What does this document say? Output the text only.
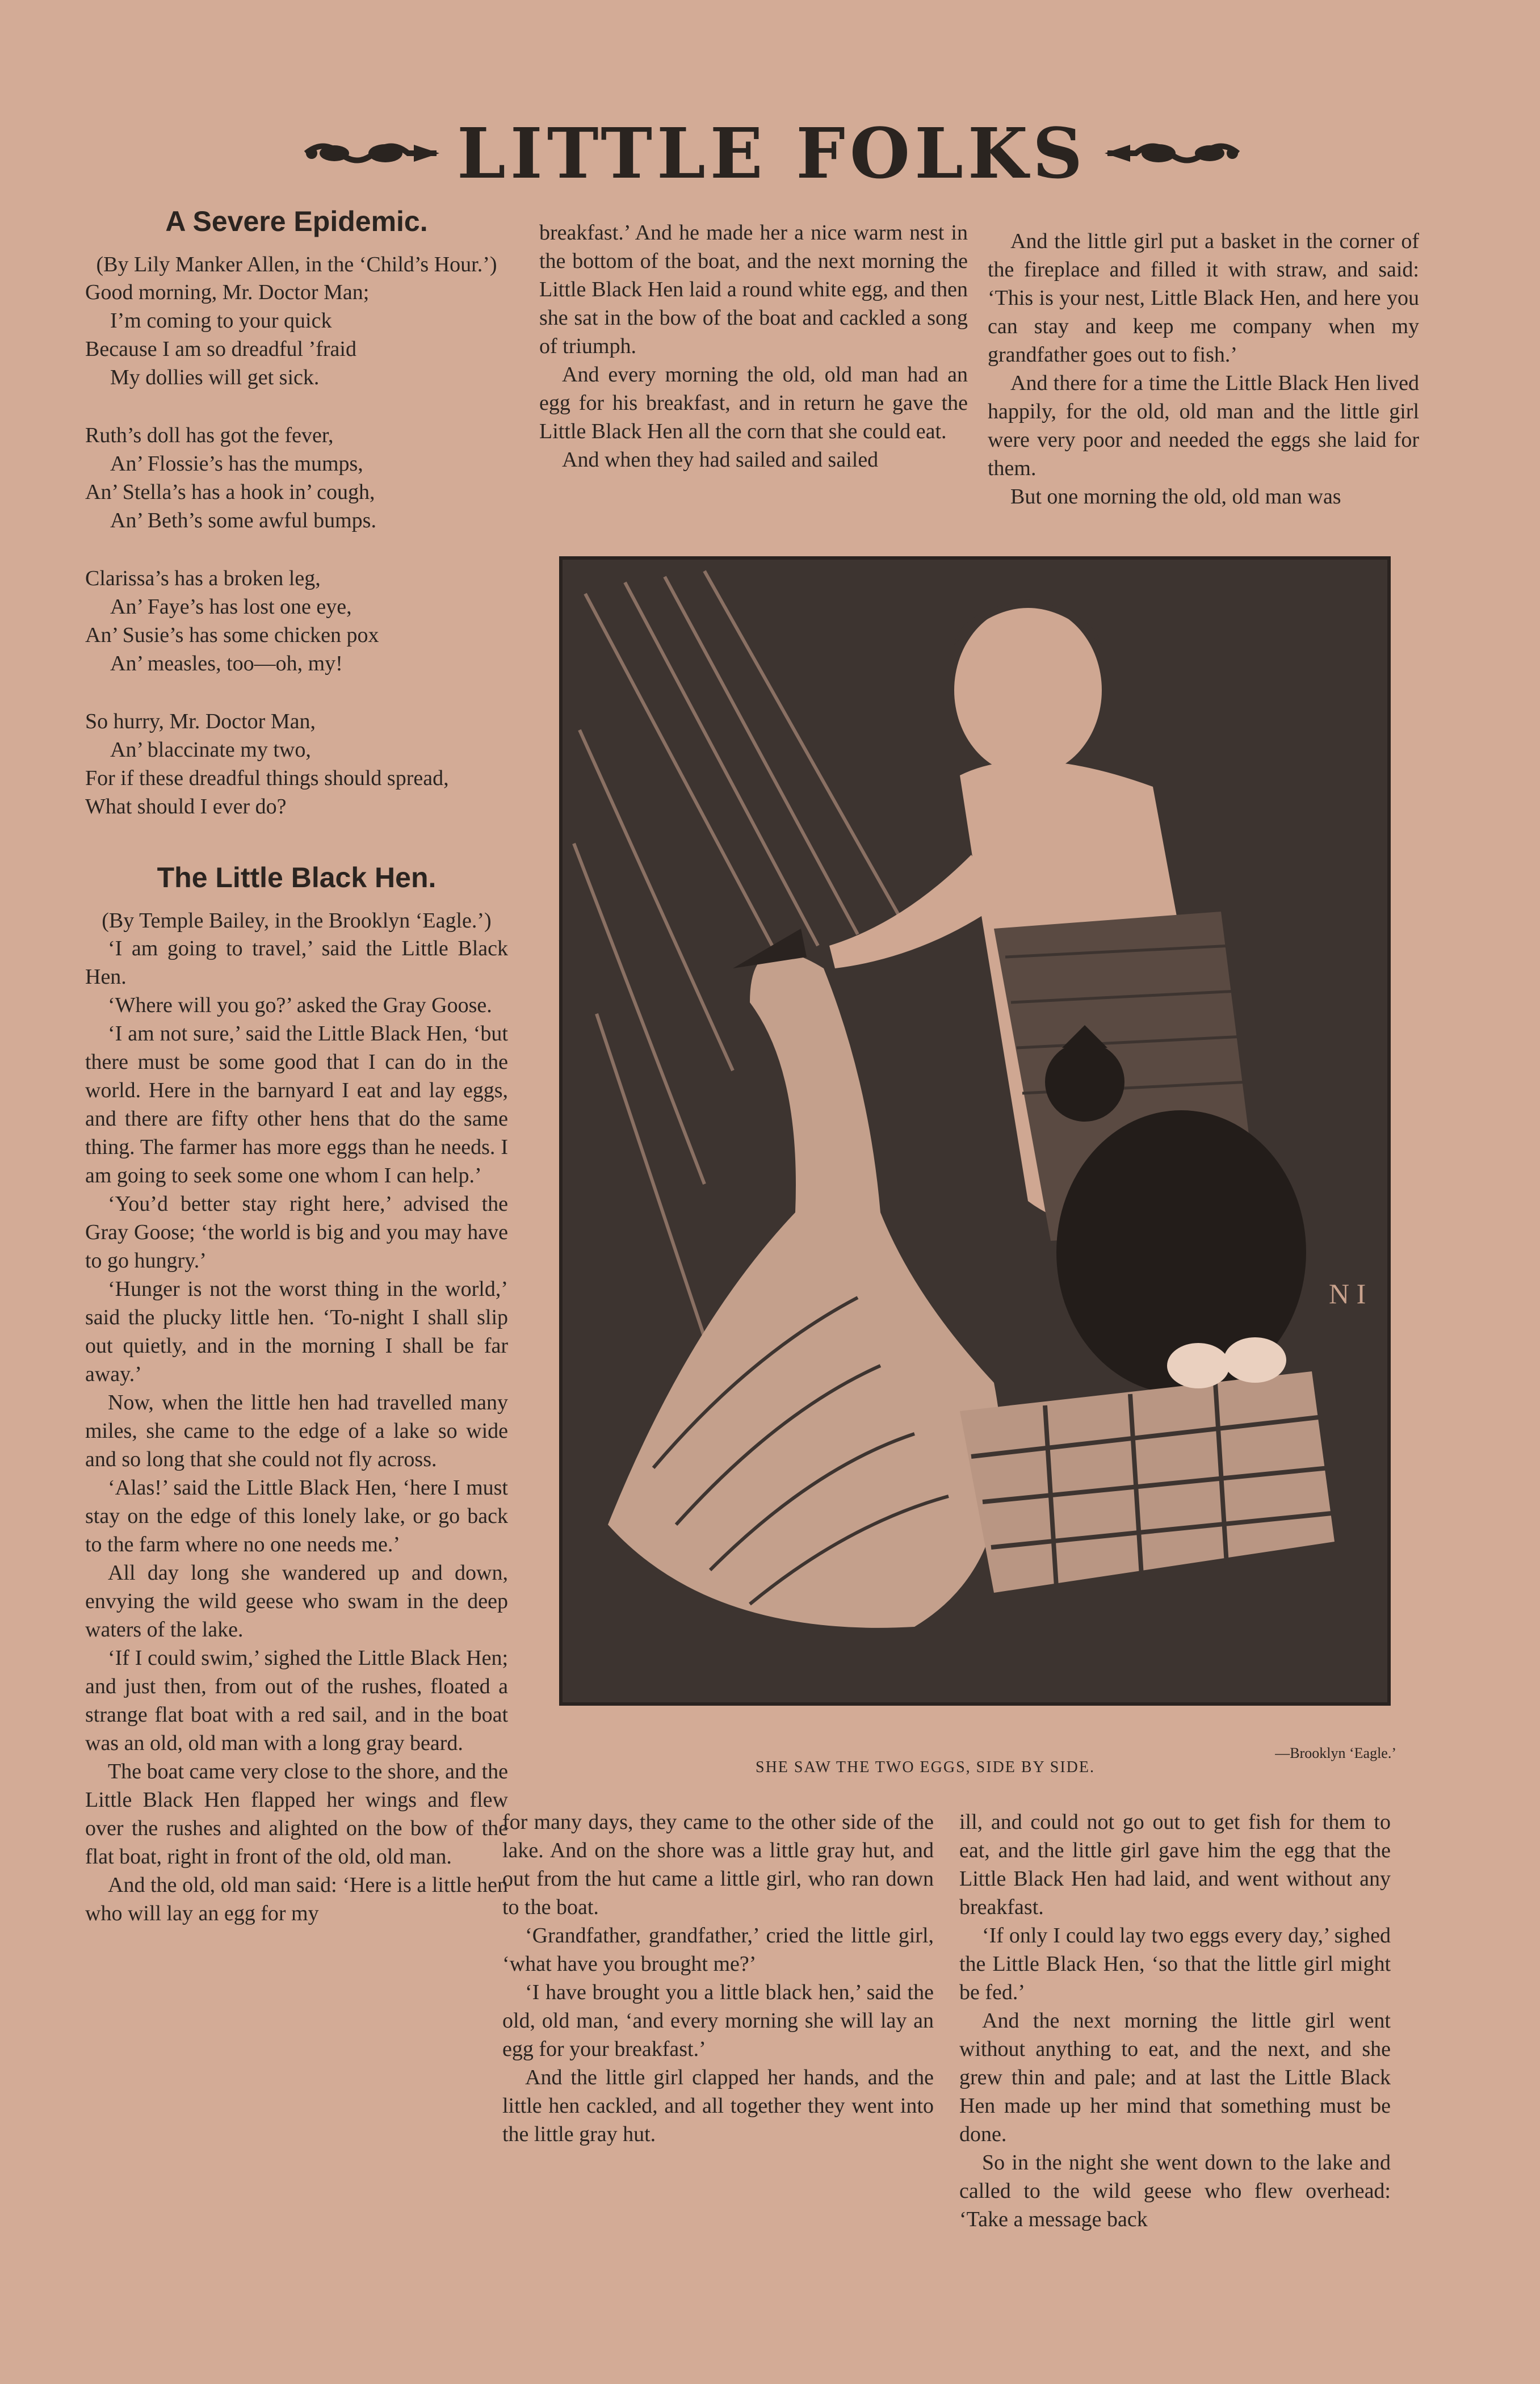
LITTLE FOLKS
A Severe Epidemic.

(By Lily Manker Allen, in the ‘Child’s Hour.’)

Good morning, Mr. Doctor Man;
I’m coming to your quick
Because I am so dreadful ’fraid
My dollies will get sick.
Ruth’s doll has got the fever,
An’ Flossie’s has the mumps,
An’ Stella’s has a hook in’ cough,
An’ Beth’s some awful bumps.
Clarissa’s has a broken leg,
An’ Faye’s has lost one eye,
An’ Susie’s has some chicken pox
An’ measles, too—oh, my!
So hurry, Mr. Doctor Man,
An’ blaccinate my two,
For if these dreadful things should spread,
What should I ever do?
The Little Black Hen.

(By Temple Bailey, in the Brooklyn ‘Eagle.’)

‘I am going to travel,’ said the Little Black Hen.

‘Where will you go?’ asked the Gray Goose.

‘I am not sure,’ said the Little Black Hen, ‘but there must be some good that I can do in the world. Here in the barnyard I eat and lay eggs, and there are fifty other hens that do the same thing. The farmer has more eggs than he needs. I am going to seek some one whom I can help.’

‘You’d better stay right here,’ advised the Gray Goose; ‘the world is big and you may have to go hungry.’

‘Hunger is not the worst thing in the world,’ said the plucky little hen. ‘To-night I shall slip out quietly, and in the morning I shall be far away.’

Now, when the little hen had travelled many miles, she came to the edge of a lake so wide and so long that she could not fly across.

‘Alas!’ said the Little Black Hen, ‘here I must stay on the edge of this lonely lake, or go back to the farm where no one needs me.’

All day long she wandered up and down, envying the wild geese who swam in the deep waters of the lake.

‘If I could swim,’ sighed the Little Black Hen; and just then, from out of the rushes, floated a strange flat boat with a red sail, and in the boat was an old, old man with a long gray beard.

The boat came very close to the shore, and the Little Black Hen flapped her wings and flew over the rushes and alighted on the bow of the flat boat, right in front of the old, old man.

And the old, old man said: ‘Here is a little hen who will lay an egg for my

breakfast.’ And he made her a nice warm nest in the bottom of the boat, and the next morning the Little Black Hen laid a round white egg, and then she sat in the bow of the boat and cackled a song of triumph.

And every morning the old, old man had an egg for his breakfast, and in return he gave the Little Black Hen all the corn that she could eat.

And when they had sailed and sailed

And the little girl put a basket in the corner of the fireplace and filled it with straw, and said: ‘This is your nest, Little Black Hen, and here you can stay and keep me company when my grandfather goes out to fish.’

And there for a time the Little Black Hen lived happily, for the old, old man and the little girl were very poor and needed the eggs she laid for them.

But one morning the old, old man was

N I
—Brooklyn ‘Eagle.’
SHE SAW THE TWO EGGS, SIDE BY SIDE.

for many days, they came to the other side of the lake. And on the shore was a little gray hut, and out from the hut came a little girl, who ran down to the boat.

‘Grandfather, grandfather,’ cried the little girl, ‘what have you brought me?’

‘I have brought you a little black hen,’ said the old, old man, ‘and every morning she will lay an egg for your breakfast.’

And the little girl clapped her hands, and the little hen cackled, and all together they went into the little gray hut.

ill, and could not go out to get fish for them to eat, and the little girl gave him the egg that the Little Black Hen had laid, and went without any breakfast.

‘If only I could lay two eggs every day,’ sighed the Little Black Hen, ‘so that the little girl might be fed.’

And the next morning the little girl went without anything to eat, and the next, and she grew thin and pale; and at last the Little Black Hen made up her mind that something must be done.

So in the night she went down to the lake and called to the wild geese who flew overhead: ‘Take a message back
